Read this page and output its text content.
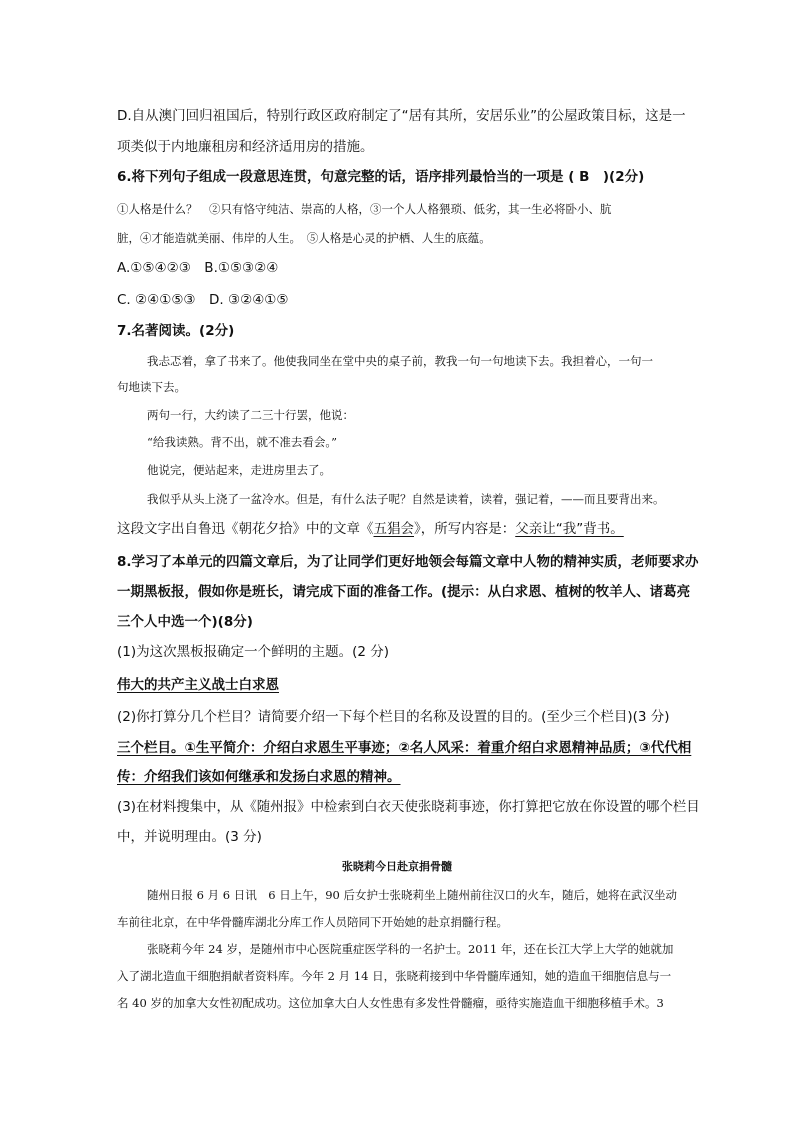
D.自从澳门回归祖国后，特别行政区政府制定了“居有其所，安居乐业”的公屋政策目标，这是一
项类似于内地廉租房和经济适用房的措施。
6.将下列句子组成一段意思连贯，句意完整的话，语序排列最恰当的一项是 ( B　)(2分)
①人格是什么？　②只有恪守纯洁、崇高的人格，③一个人人格猥琐、低劣，其一生必将卧小、肮
脏，④才能造就美丽、伟岸的人生。　⑤人格是心灵的护栖、人生的底蕴。
A.①⑤④②③　B.①⑤③②④
C. ②④①⑤③　D. ③②④①⑤
7.名著阅读。(2分)
我忐忑着，拿了书来了。他使我同坐在堂中央的桌子前，教我一句一句地读下去。我担着心，一句一
句地读下去。
两句一行，大约读了二三十行罢，他说：
“给我读熟。背不出，就不准去看会。”
他说完，便站起来，走进房里去了。
我似乎从头上浇了一盆冷水。但是，有什么法子呢？自然是读着，读着，强记着，——而且要背出来。
这段文字出自鲁迅《朝花夕拾》中的文章《五猖会》，所写内容是：父亲让“我”背书。
8.学习了本单元的四篇文章后，为了让同学们更好地领会每篇文章中人物的精神实质，老师要求办
一期黑板报，假如你是班长，请完成下面的准备工作。(提示：从白求恩、植树的牧羊人、诸葛亮
三个人中选一个)(8分)
(1)为这次黑板报确定一个鲜明的主题。(2 分)
伟大的共产主义战士白求恩
(2)你打算分几个栏目？请简要介绍一下每个栏目的名称及设置的目的。(至少三个栏目)(3 分)
三个栏目。①生平简介：介绍白求恩生平事迹；②名人风采：着重介绍白求恩精神品质；③代代相
传：介绍我们该如何继承和发扬白求恩的精神。
(3)在材料搜集中，从《随州报》中检索到白衣天使张晓莉事迹，你打算把它放在你设置的哪个栏目
中，并说明理由。(3 分)
张晓莉今日赴京捐骨髓
随州日报 6 月 6 日讯　6 日上午，90 后女护士张晓莉坐上随州前往汉口的火车，随后，她将在武汉坐动
车前往北京，在中华骨髓库湖北分库工作人员陪同下开始她的赴京捐髓行程。
张晓莉今年 24 岁，是随州市中心医院重症医学科的一名护士。2011 年，还在长江大学上大学的她就加
入了湖北造血干细胞捐献者资料库。今年 2 月 14 日，张晓莉接到中华骨髓库通知，她的造血干细胞信息与一
名 40 岁的加拿大女性初配成功。这位加拿大白人女性患有多发性骨髓瘤，亟待实施造血干细胞移植手术。3
